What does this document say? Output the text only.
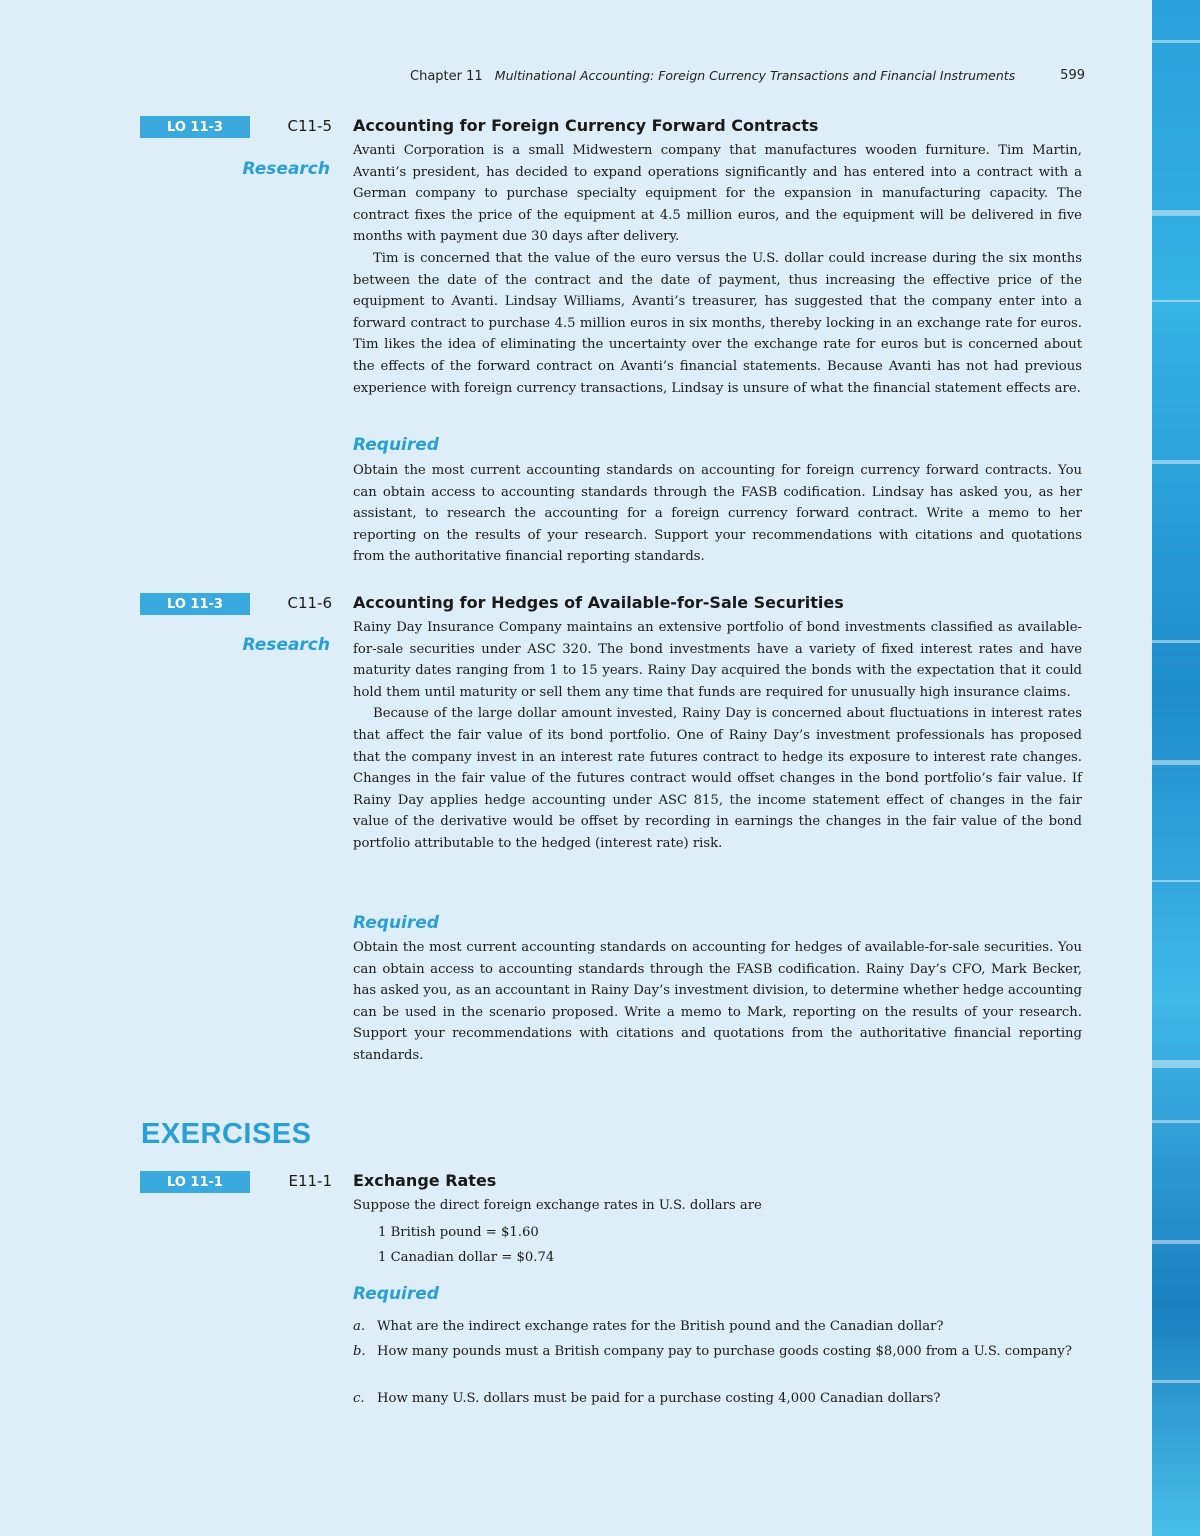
Chapter 11 Multinational Accounting: Foreign Currency Transactions and Financial Instruments	599
LO 11-3	C11-5
Research
Accounting for Foreign Currency Forward Contracts

Avanti Corporation is a small Midwestern company that manufactures wooden furniture. Tim Martin, Avanti’s president, has decided to expand operations significantly and has entered into a contract with a German company to purchase specialty equipment for the expansion in manufacturing capacity. The contract fixes the price of the equipment at 4.5 million euros, and the equipment will be delivered in five months with payment due 30 days after delivery.

Tim is concerned that the value of the euro versus the U.S. dollar could increase during the six months between the date of the contract and the date of payment, thus increasing the effective price of the equipment to Avanti. Lindsay Williams, Avanti’s treasurer, has suggested that the company enter into a forward contract to purchase 4.5 million euros in six months, thereby locking in an exchange rate for euros. Tim likes the idea of eliminating the uncertainty over the exchange rate for euros but is concerned about the effects of the forward contract on Avanti’s financial statements. Because Avanti has not had previous experience with foreign currency transactions, Lindsay is unsure of what the financial statement effects are.

Required
Obtain the most current accounting standards on accounting for foreign currency forward contracts. You can obtain access to accounting standards through the FASB codification. Lindsay has asked you, as her assistant, to research the accounting for a foreign currency forward contract. Write a memo to her reporting on the results of your research. Support your recommendations with citations and quotations from the authoritative financial reporting standards.
LO 11-3	C11-6
Research
Accounting for Hedges of Available-for-Sale Securities

Rainy Day Insurance Company maintains an extensive portfolio of bond investments classified as available-for-sale securities under ASC 320. The bond investments have a variety of fixed interest rates and have maturity dates ranging from 1 to 15 years. Rainy Day acquired the bonds with the expectation that it could hold them until maturity or sell them any time that funds are required for unusually high insurance claims.

Because of the large dollar amount invested, Rainy Day is concerned about fluctuations in interest rates that affect the fair value of its bond portfolio. One of Rainy Day’s investment professionals has proposed that the company invest in an interest rate futures contract to hedge its exposure to interest rate changes. Changes in the fair value of the futures contract would offset changes in the bond portfolio’s fair value. If Rainy Day applies hedge accounting under ASC 815, the income statement effect of changes in the fair value of the derivative would be offset by recording in earnings the changes in the fair value of the bond portfolio attributable to the hedged (interest rate) risk.

Required
Obtain the most current accounting standards on accounting for hedges of available-for-sale securities. You can obtain access to accounting standards through the FASB codification. Rainy Day’s CFO, Mark Becker, has asked you, as an accountant in Rainy Day’s investment division, to determine whether hedge accounting can be used in the scenario proposed. Write a memo to Mark, reporting on the results of your research. Support your recommendations with citations and quotations from the authoritative financial reporting standards.
EXERCISES
LO 11-1	E11-1 Exchange Rates
Suppose the direct foreign exchange rates in U.S. dollars are
1 British pound = $1.60
1 Canadian dollar = $0.74
Required
a. What are the indirect exchange rates for the British pound and the Canadian dollar?
b. How many pounds must a British company pay to purchase goods costing $8,000 from a U.S. company?
c. How many U.S. dollars must be paid for a purchase costing 4,000 Canadian dollars?
